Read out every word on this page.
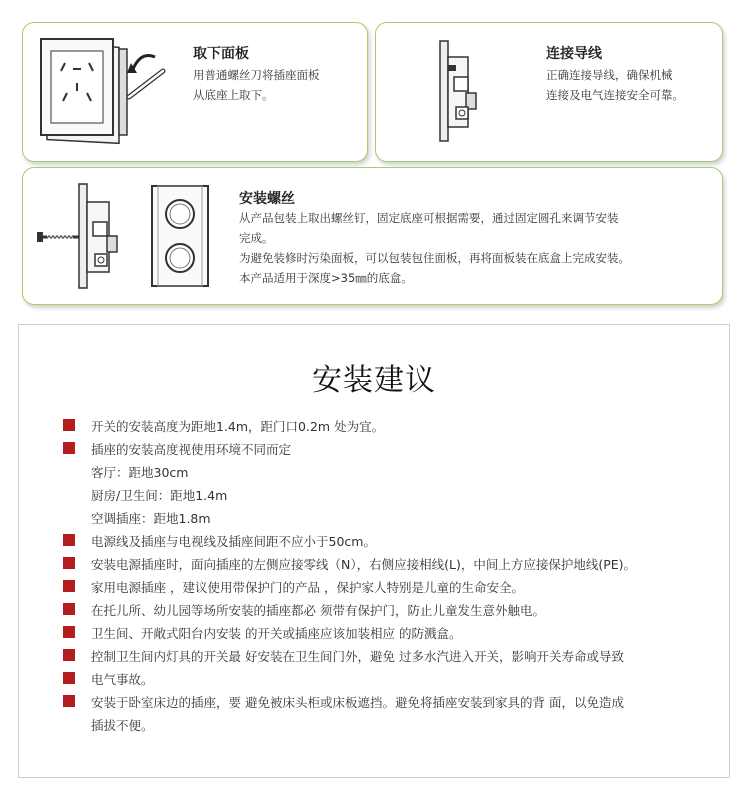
取下面板
用普通螺丝刀将插座面板
从底座上取下。
连接导线
正确连接导线，确保机械
连接及电气连接安全可靠。
安装螺丝
从产品包装上取出螺丝钉，固定底座可根据需要，通过固定圆孔来调节安装
完成。
为避免装修时污染面板，可以包装包住面板，再将面板装在底盒上完成安装。
本产品适用于深度>35㎜的底盒。
安装建议
开关的安装高度为距地1.4m，距门口0.2m 处为宜。
插座的安装高度视使用环境不同而定
客厅：距地30cm
厨房/卫生间：距地1.4m
空调插座：距地1.8m
电源线及插座与电视线及插座间距不应小于50cm。
安装电源插座时，面向插座的左侧应接零线（N），右侧应接相线(L)，中间上方应接保护地线(PE)。
家用电源插座 ，建议使用带保护门的产品 ，保护家人特别是儿童的生命安全。
在托儿所、幼儿园等场所安装的插座都必 须带有保护门，防止儿童发生意外触电。
卫生间、开敞式阳台内安装 的开关或插座应该加装相应 的防溅盒。
控制卫生间内灯具的开关最 好安装在卫生间门外，避免 过多水汽进入开关，影响开关寿命或导致
电气事故。
安装于卧室床边的插座，要 避免被床头柜或床板遮挡。避免将插座安装到家具的背 面，以免造成
插拔不便。
